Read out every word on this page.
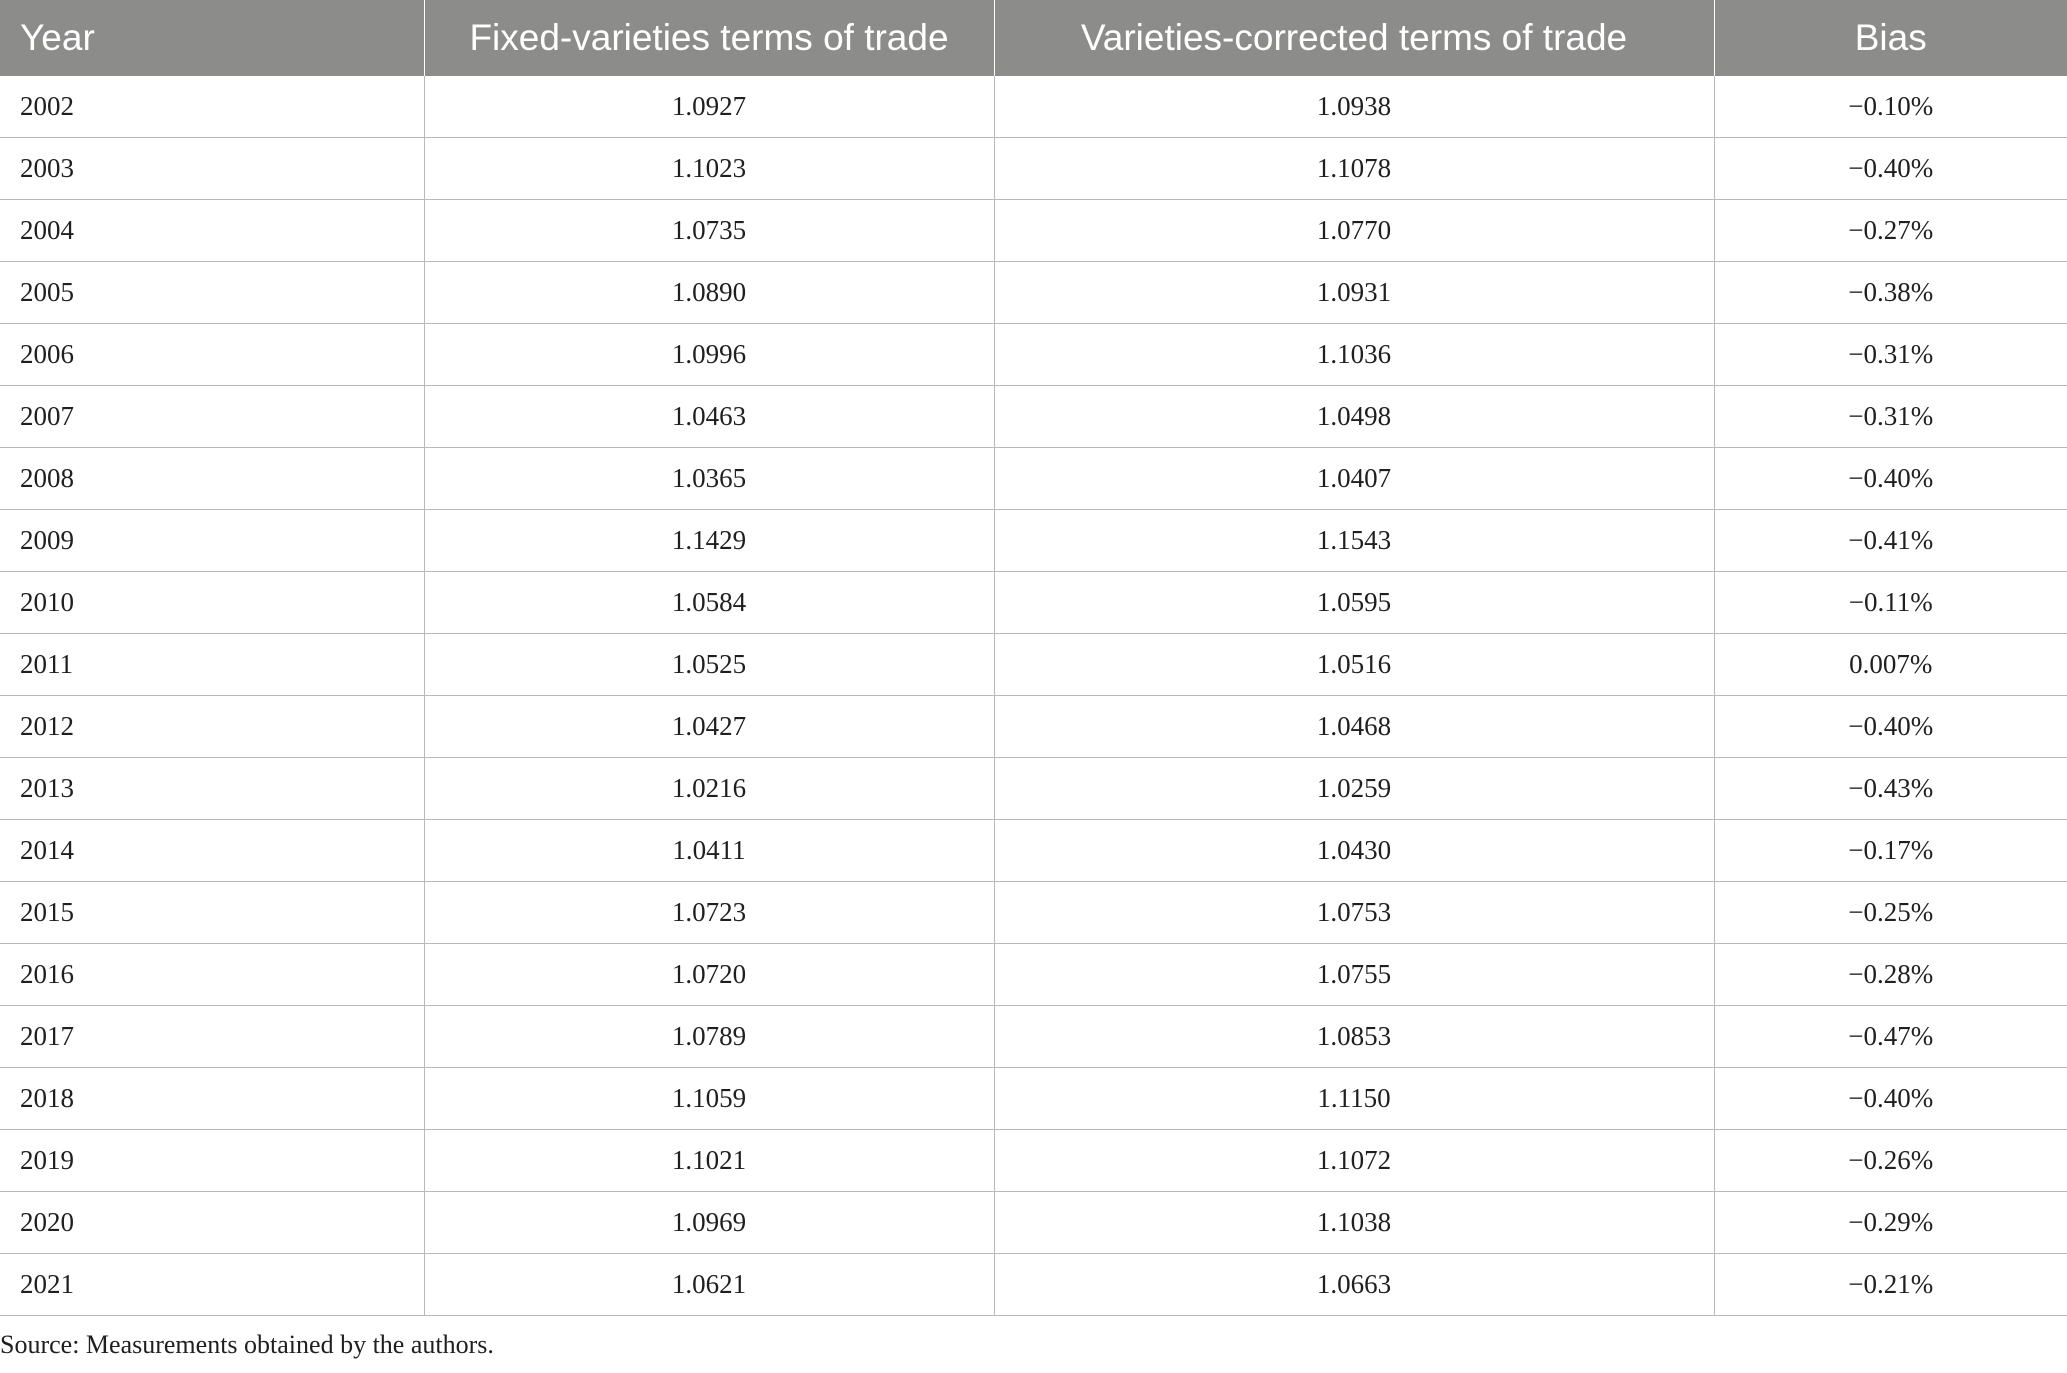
Year	Fixed-varieties terms of trade	Varieties-corrected terms of trade	Bias
2002	1.0927	1.0938	−0.10%
2003	1.1023	1.1078	−0.40%
2004	1.0735	1.0770	−0.27%
2005	1.0890	1.0931	−0.38%
2006	1.0996	1.1036	−0.31%
2007	1.0463	1.0498	−0.31%
2008	1.0365	1.0407	−0.40%
2009	1.1429	1.1543	−0.41%
2010	1.0584	1.0595	−0.11%
2011	1.0525	1.0516	0.007%
2012	1.0427	1.0468	−0.40%
2013	1.0216	1.0259	−0.43%
2014	1.0411	1.0430	−0.17%
2015	1.0723	1.0753	−0.25%
2016	1.0720	1.0755	−0.28%
2017	1.0789	1.0853	−0.47%
2018	1.1059	1.1150	−0.40%
2019	1.1021	1.1072	−0.26%
2020	1.0969	1.1038	−0.29%
2021	1.0621	1.0663	−0.21%

Source: Measurements obtained by the authors.
